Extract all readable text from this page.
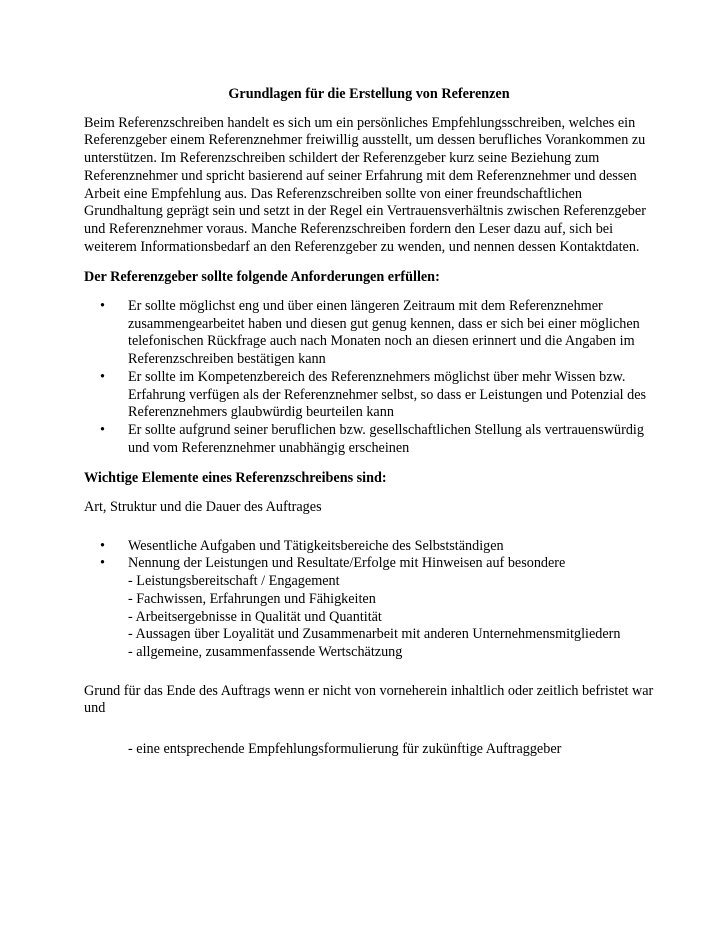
Grundlagen für die Erstellung von Referenzen

Beim Referenzschreiben handelt es sich um ein persönliches Empfehlungsschreiben, welches ein Referenzgeber einem Referenznehmer freiwillig ausstellt, um dessen berufliches Vorankommen zu unterstützen. Im Referenzschreiben schildert der Referenzgeber kurz seine Beziehung zum Referenznehmer und spricht basierend auf seiner Erfahrung mit dem Referenznehmer und dessen Arbeit eine Empfehlung aus. Das Referenzschreiben sollte von einer freundschaftlichen Grundhaltung geprägt sein und setzt in der Regel ein Vertrauensverhältnis zwischen Referenzgeber und Referenznehmer voraus. Manche Referenzschreiben fordern den Leser dazu auf, sich bei weiterem Informationsbedarf an den Referenzgeber zu wenden, und nennen dessen Kontaktdaten.

Der Referenzgeber sollte folgende Anforderungen erfüllen:

• Er sollte möglichst eng und über einen längeren Zeitraum mit dem Referenznehmer zusammengearbeitet haben und diesen gut genug kennen, dass er sich bei einer möglichen telefonischen Rückfrage auch nach Monaten noch an diesen erinnert und die Angaben im Referenzschreiben bestätigen kann
• Er sollte im Kompetenzbereich des Referenznehmers möglichst über mehr Wissen bzw. Erfahrung verfügen als der Referenznehmer selbst, so dass er Leistungen und Potenzial des Referenznehmers glaubwürdig beurteilen kann
• Er sollte aufgrund seiner beruflichen bzw. gesellschaftlichen Stellung als vertrauenswürdig und vom Referenznehmer unabhängig erscheinen

Wichtige Elemente eines Referenzschreibens sind:

Art, Struktur und die Dauer des Auftrages

• Wesentliche Aufgaben und Tätigkeitsbereiche des Selbstständigen
• Nennung der Leistungen und Resultate/Erfolge mit Hinweisen auf besondere
- Leistungsbereitschaft / Engagement
- Fachwissen, Erfahrungen und Fähigkeiten
- Arbeitsergebnisse in Qualität und Quantität
- Aussagen über Loyalität und Zusammenarbeit mit anderen Unternehmensmitgliedern
- allgemeine, zusammenfassende Wertschätzung

Grund für das Ende des Auftrags wenn er nicht von vorneherein inhaltlich oder zeitlich befristet war und

- eine entsprechende Empfehlungsformulierung für zukünftige Auftraggeber
